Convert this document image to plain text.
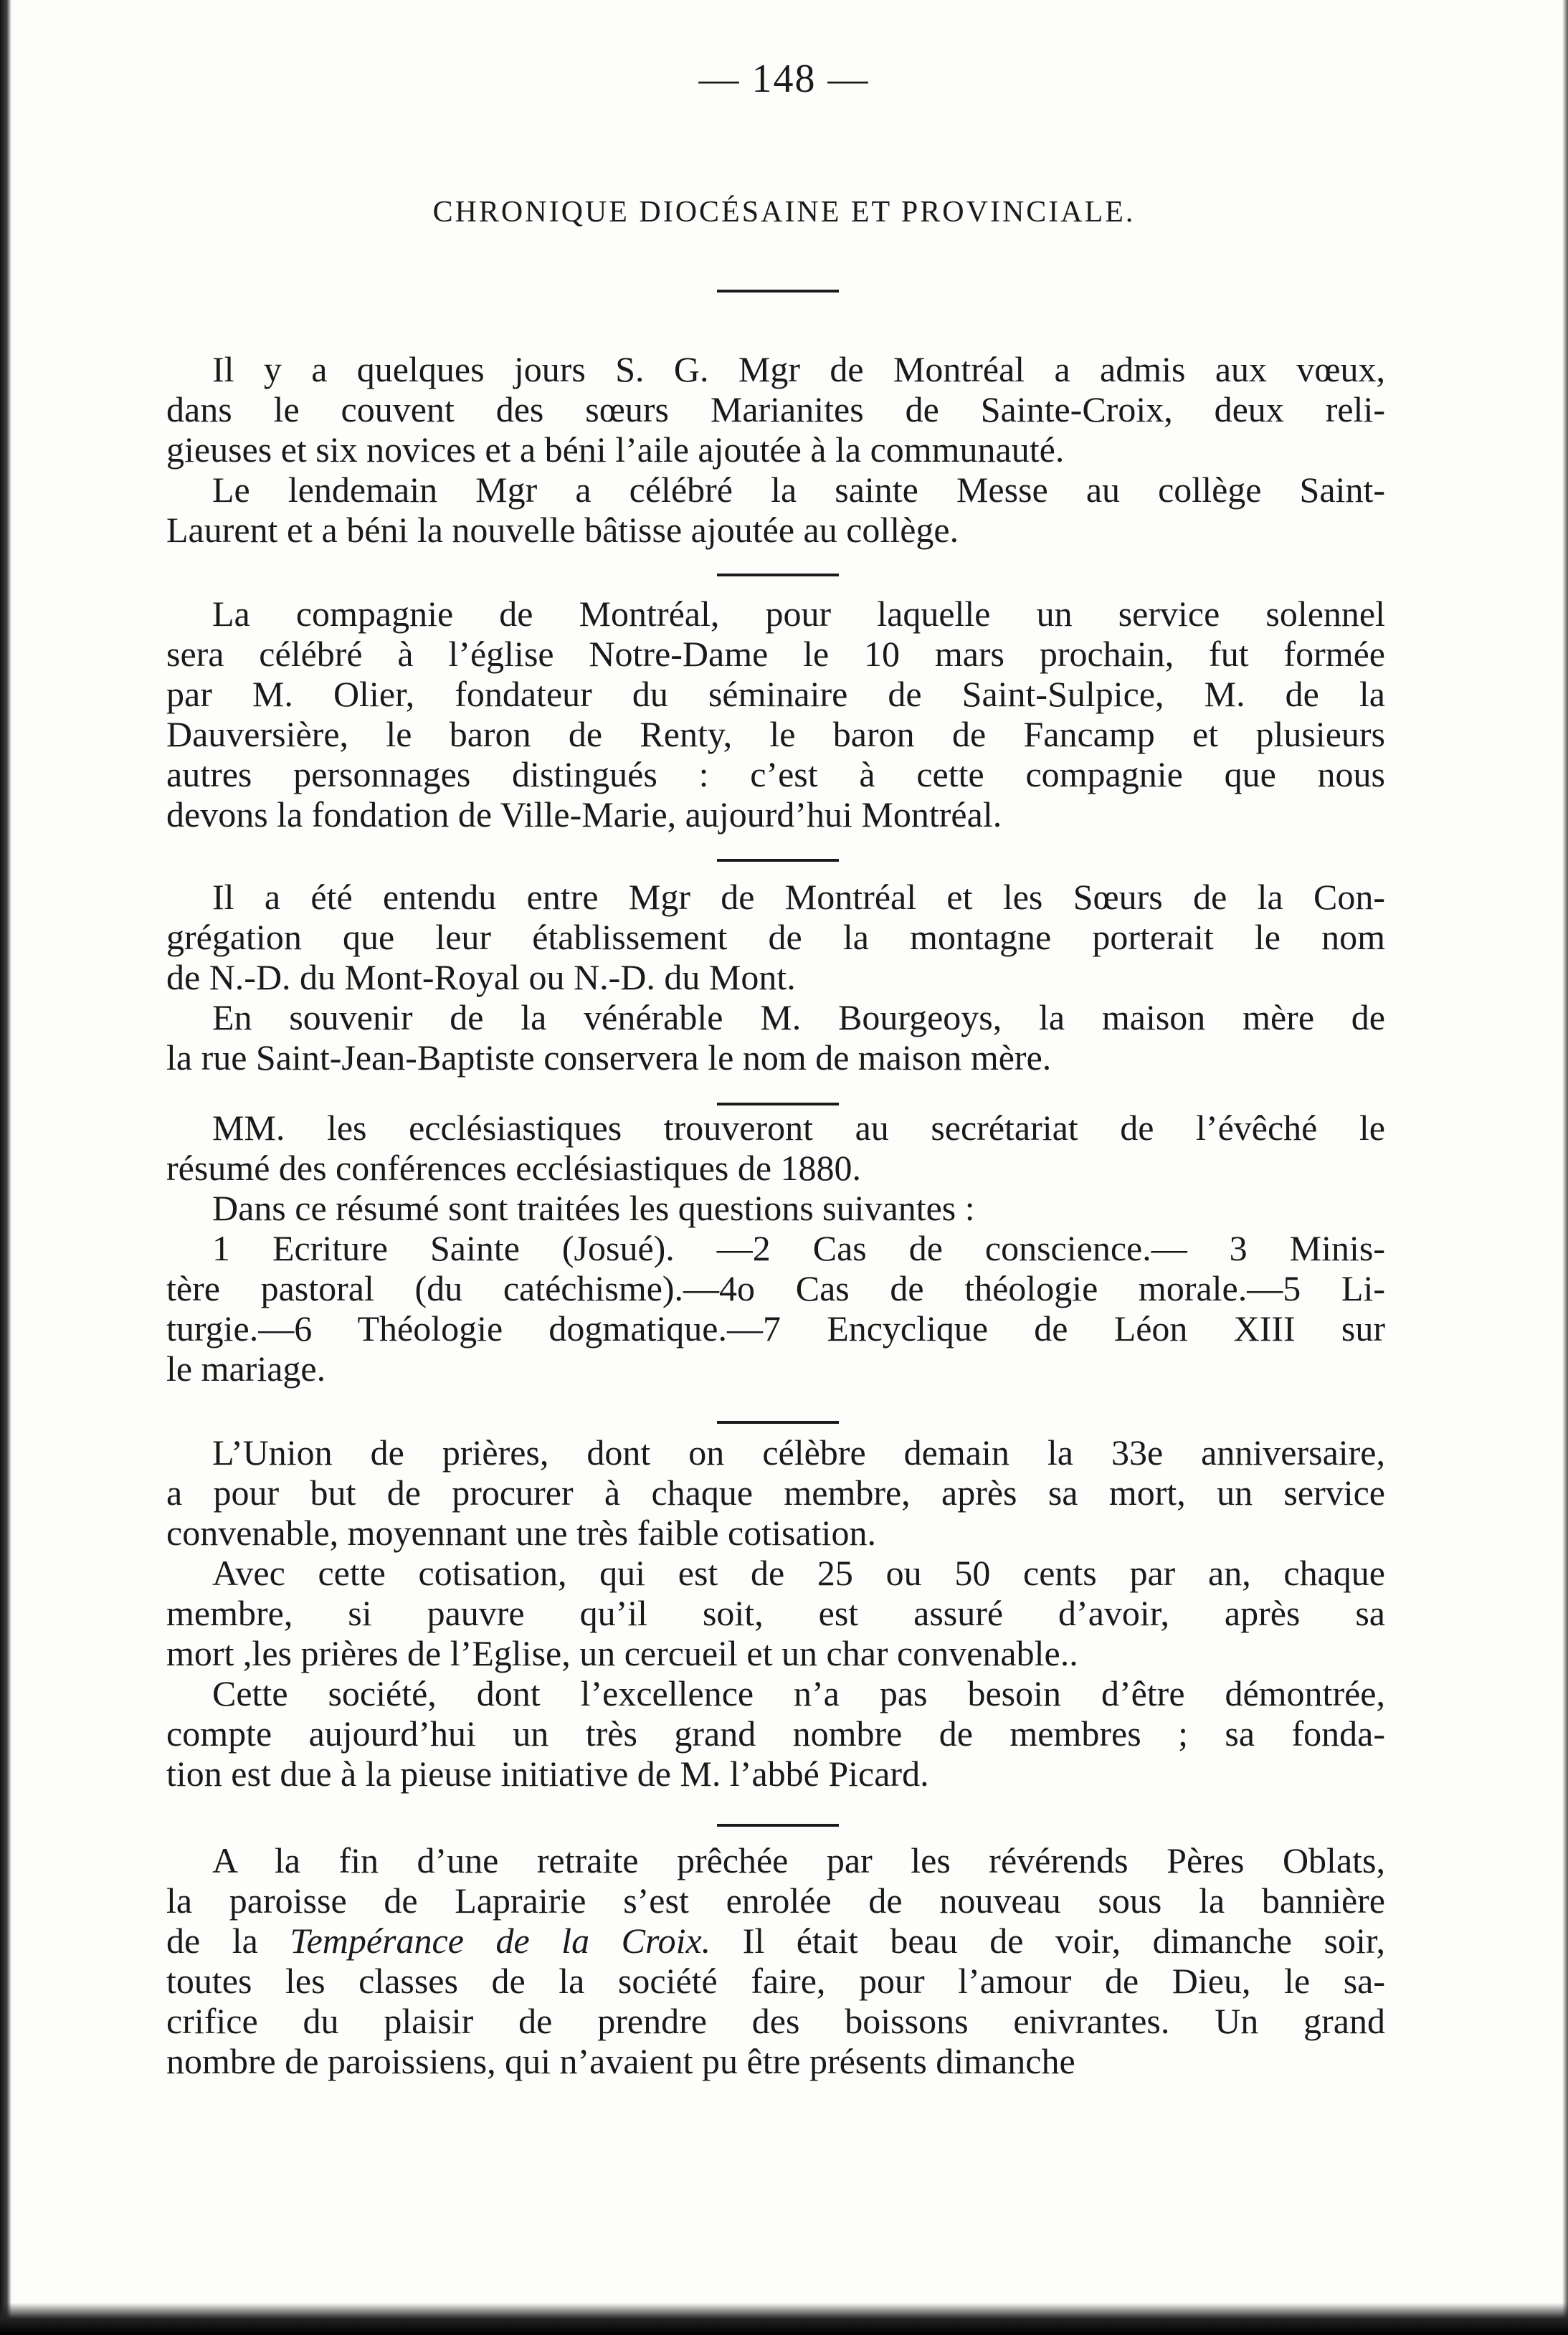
— 148 —
CHRONIQUE DIOCÉSAINE ET PROVINCIALE.
Il y a quelques jours S. G. Mgr de Montréal a admis aux vœux,
dans le couvent des sœurs Marianites de Sainte-Croix, deux reli-
gieuses et six novices et a béni l’aile ajoutée à la communauté.
Le lendemain Mgr a célébré la sainte Messe au collège Saint-
Laurent et a béni la nouvelle bâtisse ajoutée au collège.
La compagnie de Montréal, pour laquelle un service solennel
sera célébré à l’église Notre-Dame le 10 mars prochain, fut formée
par M. Olier, fondateur du séminaire de Saint-Sulpice, M. de la
Dauversière, le baron de Renty, le baron de Fancamp et plusieurs
autres personnages distingués : c’est à cette compagnie que nous
devons la fondation de Ville-Marie, aujourd’hui Montréal.
Il a été entendu entre Mgr de Montréal et les Sœurs de la Con-
grégation que leur établissement de la montagne porterait le nom
de N.-D. du Mont-Royal ou N.-D. du Mont.
En souvenir de la vénérable M. Bourgeoys, la maison mère de
la rue Saint-Jean-Baptiste conservera le nom de maison mère.
MM. les ecclésiastiques trouveront au secrétariat de l’évêché le
résumé des conférences ecclésiastiques de 1880.
Dans ce résumé sont traitées les questions suivantes :
1 Ecriture Sainte (Josué). —2 Cas de conscience.— 3 Minis-
tère pastoral (du catéchisme).—4o Cas de théologie morale.—5 Li-
turgie.—6 Théologie dogmatique.—7 Encyclique de Léon XIII sur
le mariage.
L’Union de prières, dont on célèbre demain la 33e anniversaire,
a pour but de procurer à chaque membre, après sa mort, un service
convenable, moyennant une très faible cotisation.
Avec cette cotisation, qui est de 25 ou 50 cents par an, chaque
membre, si pauvre qu’il soit, est assuré d’avoir, après sa
mort ,les prières de l’Eglise, un cercueil et un char convenable..
Cette société, dont l’excellence n’a pas besoin d’être démontrée,
compte aujourd’hui un très grand nombre de membres ; sa fonda-
tion est due à la pieuse initiative de M. l’abbé Picard.
A la fin d’une retraite prêchée par les révérends Pères Oblats,
la paroisse de Laprairie s’est enrolée de nouveau sous la bannière
de la Tempérance de la Croix. Il était beau de voir, dimanche soir,
toutes les classes de la société faire, pour l’amour de Dieu, le sa-
crifice du plaisir de prendre des boissons enivrantes. Un grand
nombre de paroissiens, qui n’avaient pu être présents dimanche
